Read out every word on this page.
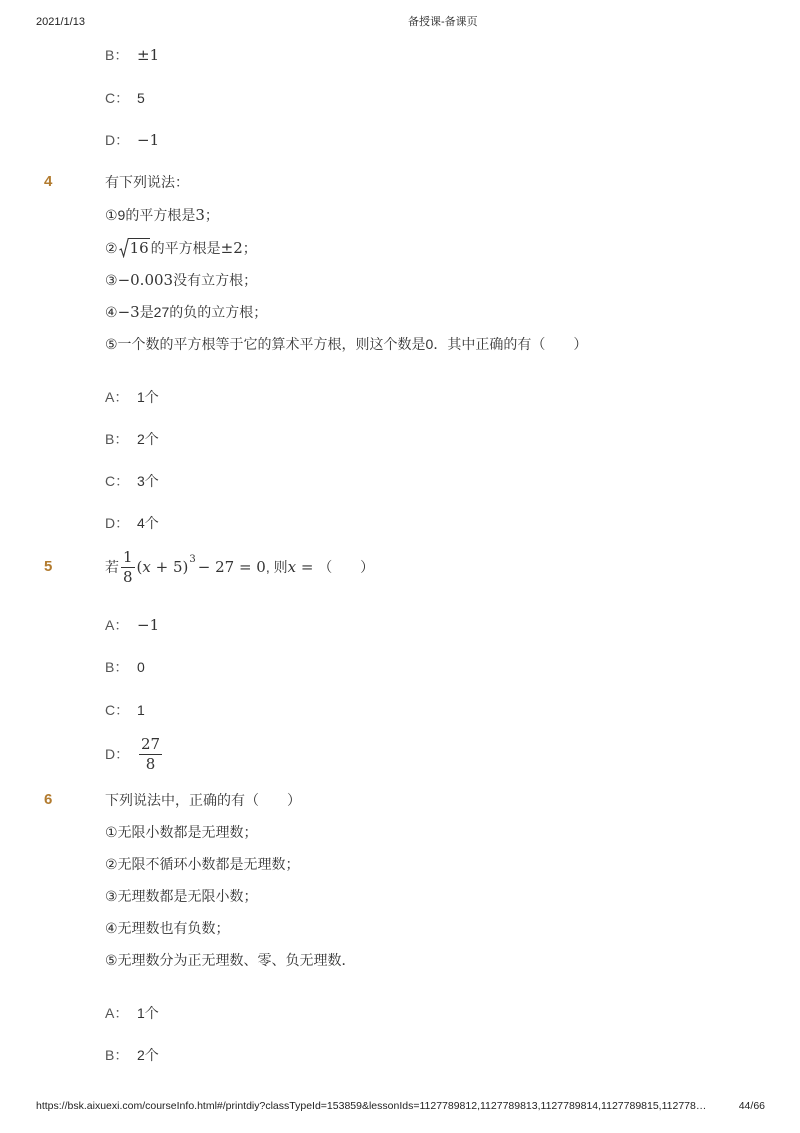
2021/1/13	备授课-备课页
B： ±1
C： 5
D： −1
4	有下列说法：
①9的平方根是 3 ；
② 16 的平方根是 ±2 ；
③ −0.003 没有立方根；
④ −3 是27的负的立方根；
⑤一个数的平方根等于它的算术平方根，则这个数是0．其中正确的有（　　）
A： 1个
B： 2个
C： 3个
D： 4个
5	若 $\frac{1}{8}$ ( x + 5) 3 − 27 = 0 , 则 x = （　　）
A： −1
B： 0
C： 1
D： $\frac{27}{8}$
6	下列说法中，正确的有（　　）
①无限小数都是无理数；
②无限不循环小数都是无理数；
③无理数都是无限小数；
④无理数也有负数；
⑤无理数分为正无理数、零、负无理数．
A： 1个
B： 2个
https://bsk.aixuexi.com/courseInfo.html#/printdiy?classTypeId=153859&lessonIds=1127789812,1127789813,1127789814,1127789815,112778…	44/66
